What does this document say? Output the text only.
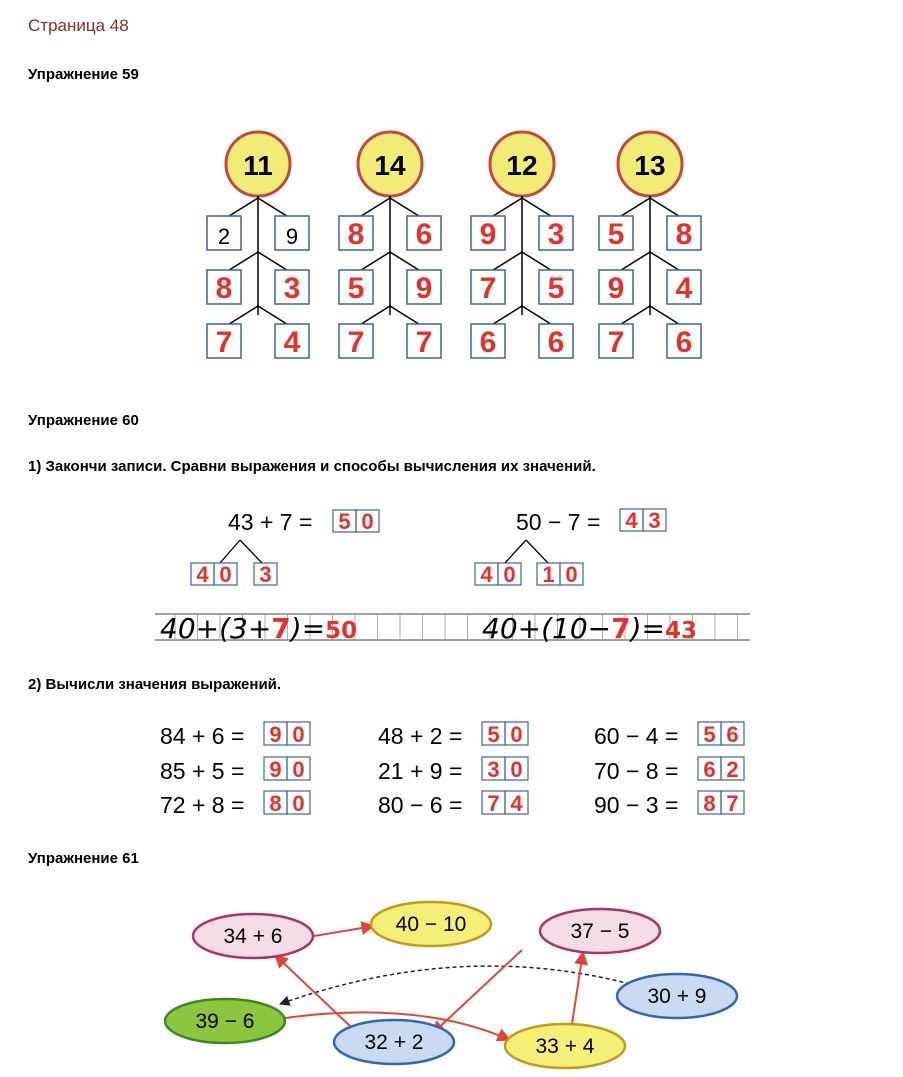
Страница 48
Упражнение 59
Упражнение 60
1) Закончи записи. Сравни выражения и способы вычисления их значений.
2) Вычисли значения выражений.
Упражнение 61
11
2	9
8 3
7 4
14
8 6
5 9
7 7
12
9 3
7 5
6 6
13
5 8
9 4
7 6
43 + 7 = 5 0
4 0 3
50 − 7 = 4 3
4 0 1 0
40+(3+7)=50	40+(10−7)=43
84 + 6 = 9 0	48 + 2 = 5 0	60 − 4 = 5 6
85 + 5 = 9 0	21 + 9 = 3 0	70 − 8 = 6 2
72 + 8 = 8 0	80 − 6 = 7 4	90 − 3 = 8 7
34 + 6
40 − 10	37 − 5
30 + 9
39 − 6
32 + 2	33 + 4
